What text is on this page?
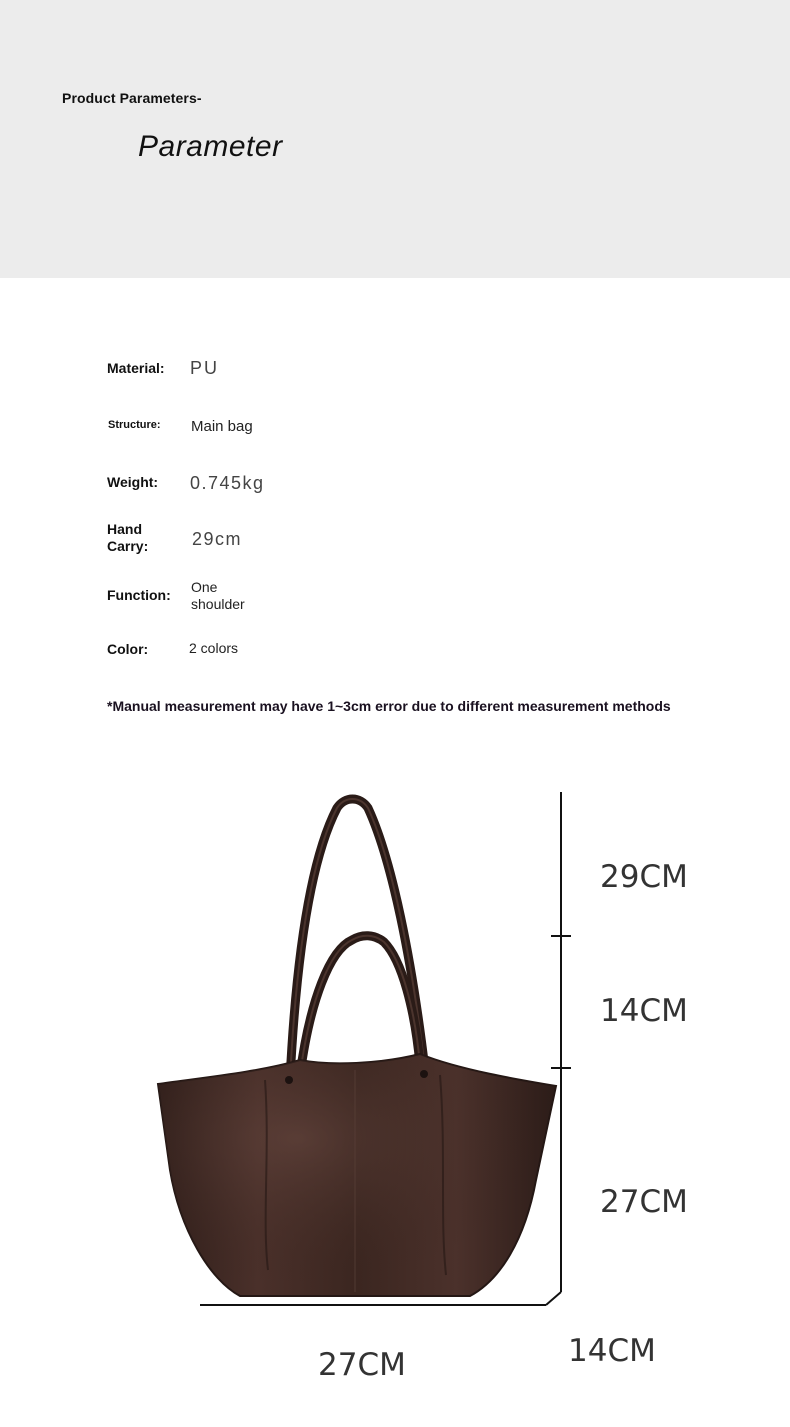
Product Parameters-
Parameter
Material: PU
Structure: Main bag
Weight: 0.745kg
Hand Carry:	29cm
Function: One shoulder
Color:	2 colors
*Manual measurement may have 1~3cm error due to different measurement methods
29CM
14CM
27CM
14CM
27CM
